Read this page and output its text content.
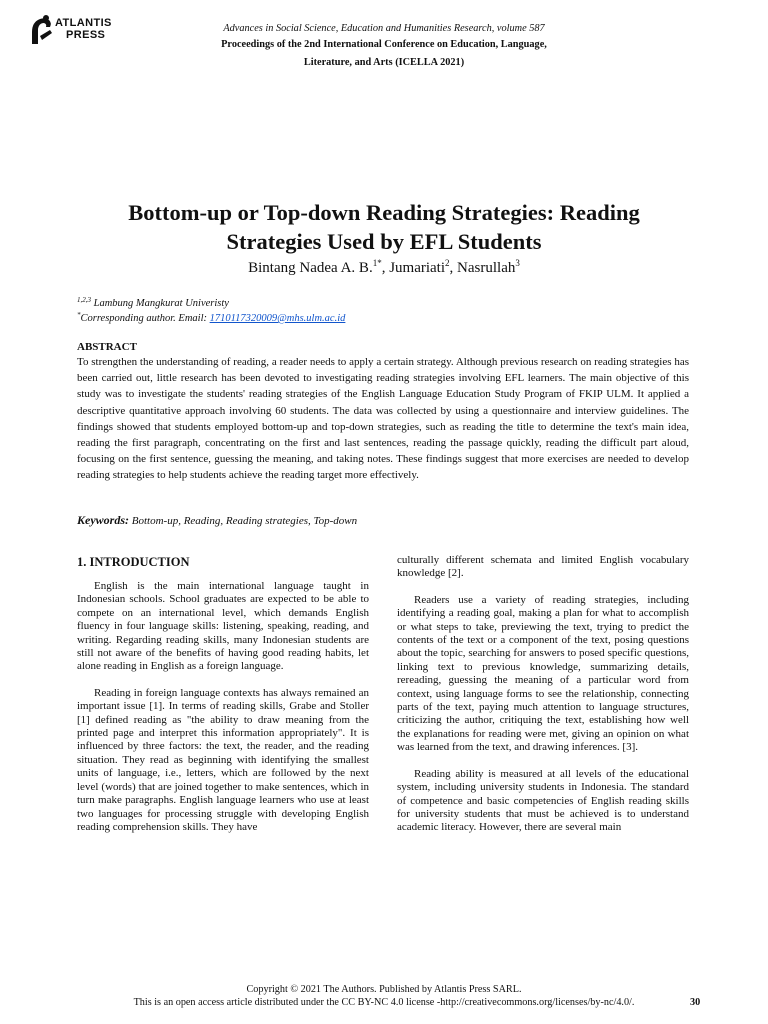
ATLANTIS
PRESS
Advances in Social Science, Education and Humanities Research, volume 587
Proceedings of the 2nd International Conference on Education, Language,
Literature, and Arts (ICELLA 2021)
Bottom-up or Top-down Reading Strategies: Reading
Strategies Used by EFL Students
Bintang Nadea A. B.$^{1*}$, Jumariati$^2$, Nasrullah$^3$
$^{1,2,3}$ Lambung Mangkurat Univeristy
*Corresponding author. Email: 1710117320009@mhs.ulm.ac.id
ABSTRACT
To strengthen the understanding of reading, a reader needs to apply a certain strategy. Although previous research on reading strategies has been carried out, little research has been devoted to investigating reading strategies involving EFL learners. The main objective of this study was to investigate the students' reading strategies of the English Language Education Study Program of FKIP ULM. It applied a descriptive quantitative approach involving 60 students. The data was collected by using a questionnaire and interview guidelines. The findings showed that students employed bottom-up and top-down strategies, such as reading the title to determine the text's main idea, reading the first paragraph, concentrating on the first and last sentences, reading the passage quickly, reading the difficult part aloud, focusing on the first sentence, guessing the meaning, and taking notes. These findings suggest that more exercises are needed to develop reading strategies to help students achieve the reading target more effectively.
Keywords: Bottom-up, Reading, Reading strategies, Top-down
1. INTRODUCTION

English is the main international language taught in Indonesian schools. School graduates are expected to be able to compete on an international level, which demands English fluency in four language skills: listening, speaking, reading, and writing. Regarding reading skills, many Indonesian students are still not aware of the benefits of having good reading habits, let alone reading in English as a foreign language.

Reading in foreign language contexts has always remained an important issue [1]. In terms of reading skills, Grabe and Stoller [1] defined reading as "the ability to draw meaning from the printed page and interpret this information appropriately". It is influenced by three factors: the text, the reader, and the reading situation. They read as beginning with identifying the smallest units of language, i.e., letters, which are followed by the next level (words) that are joined together to make sentences, which in turn make paragraphs. English language learners who use at least two languages for processing struggle with developing English reading comprehension skills. They have

culturally different schemata and limited English vocabulary knowledge [2].

Readers use a variety of reading strategies, including identifying a reading goal, making a plan for what to accomplish or what steps to take, previewing the text, trying to predict the contents of the text or a component of the text, posing questions about the topic, searching for answers to posed specific questions, linking text to previous knowledge, summarizing details, rereading, guessing the meaning of a particular word from context, using language forms to see the relationship, connecting parts of the text, paying much attention to language structures, criticizing the author, critiquing the text, establishing how well the explanations for reading were met, giving an opinion on what was learned from the text, and drawing inferences. [3].

Reading ability is measured at all levels of the educational system, including university students in Indonesia. The standard of competence and basic competencies of English reading skills for university students that must be achieved is to understand academic literacy. However, there are several main

Copyright © 2021 The Authors. Published by Atlantis Press SARL.
This is an open access article distributed under the CC BY-NC 4.0 license -http://creativecommons.org/licenses/by-nc/4.0/.	30
